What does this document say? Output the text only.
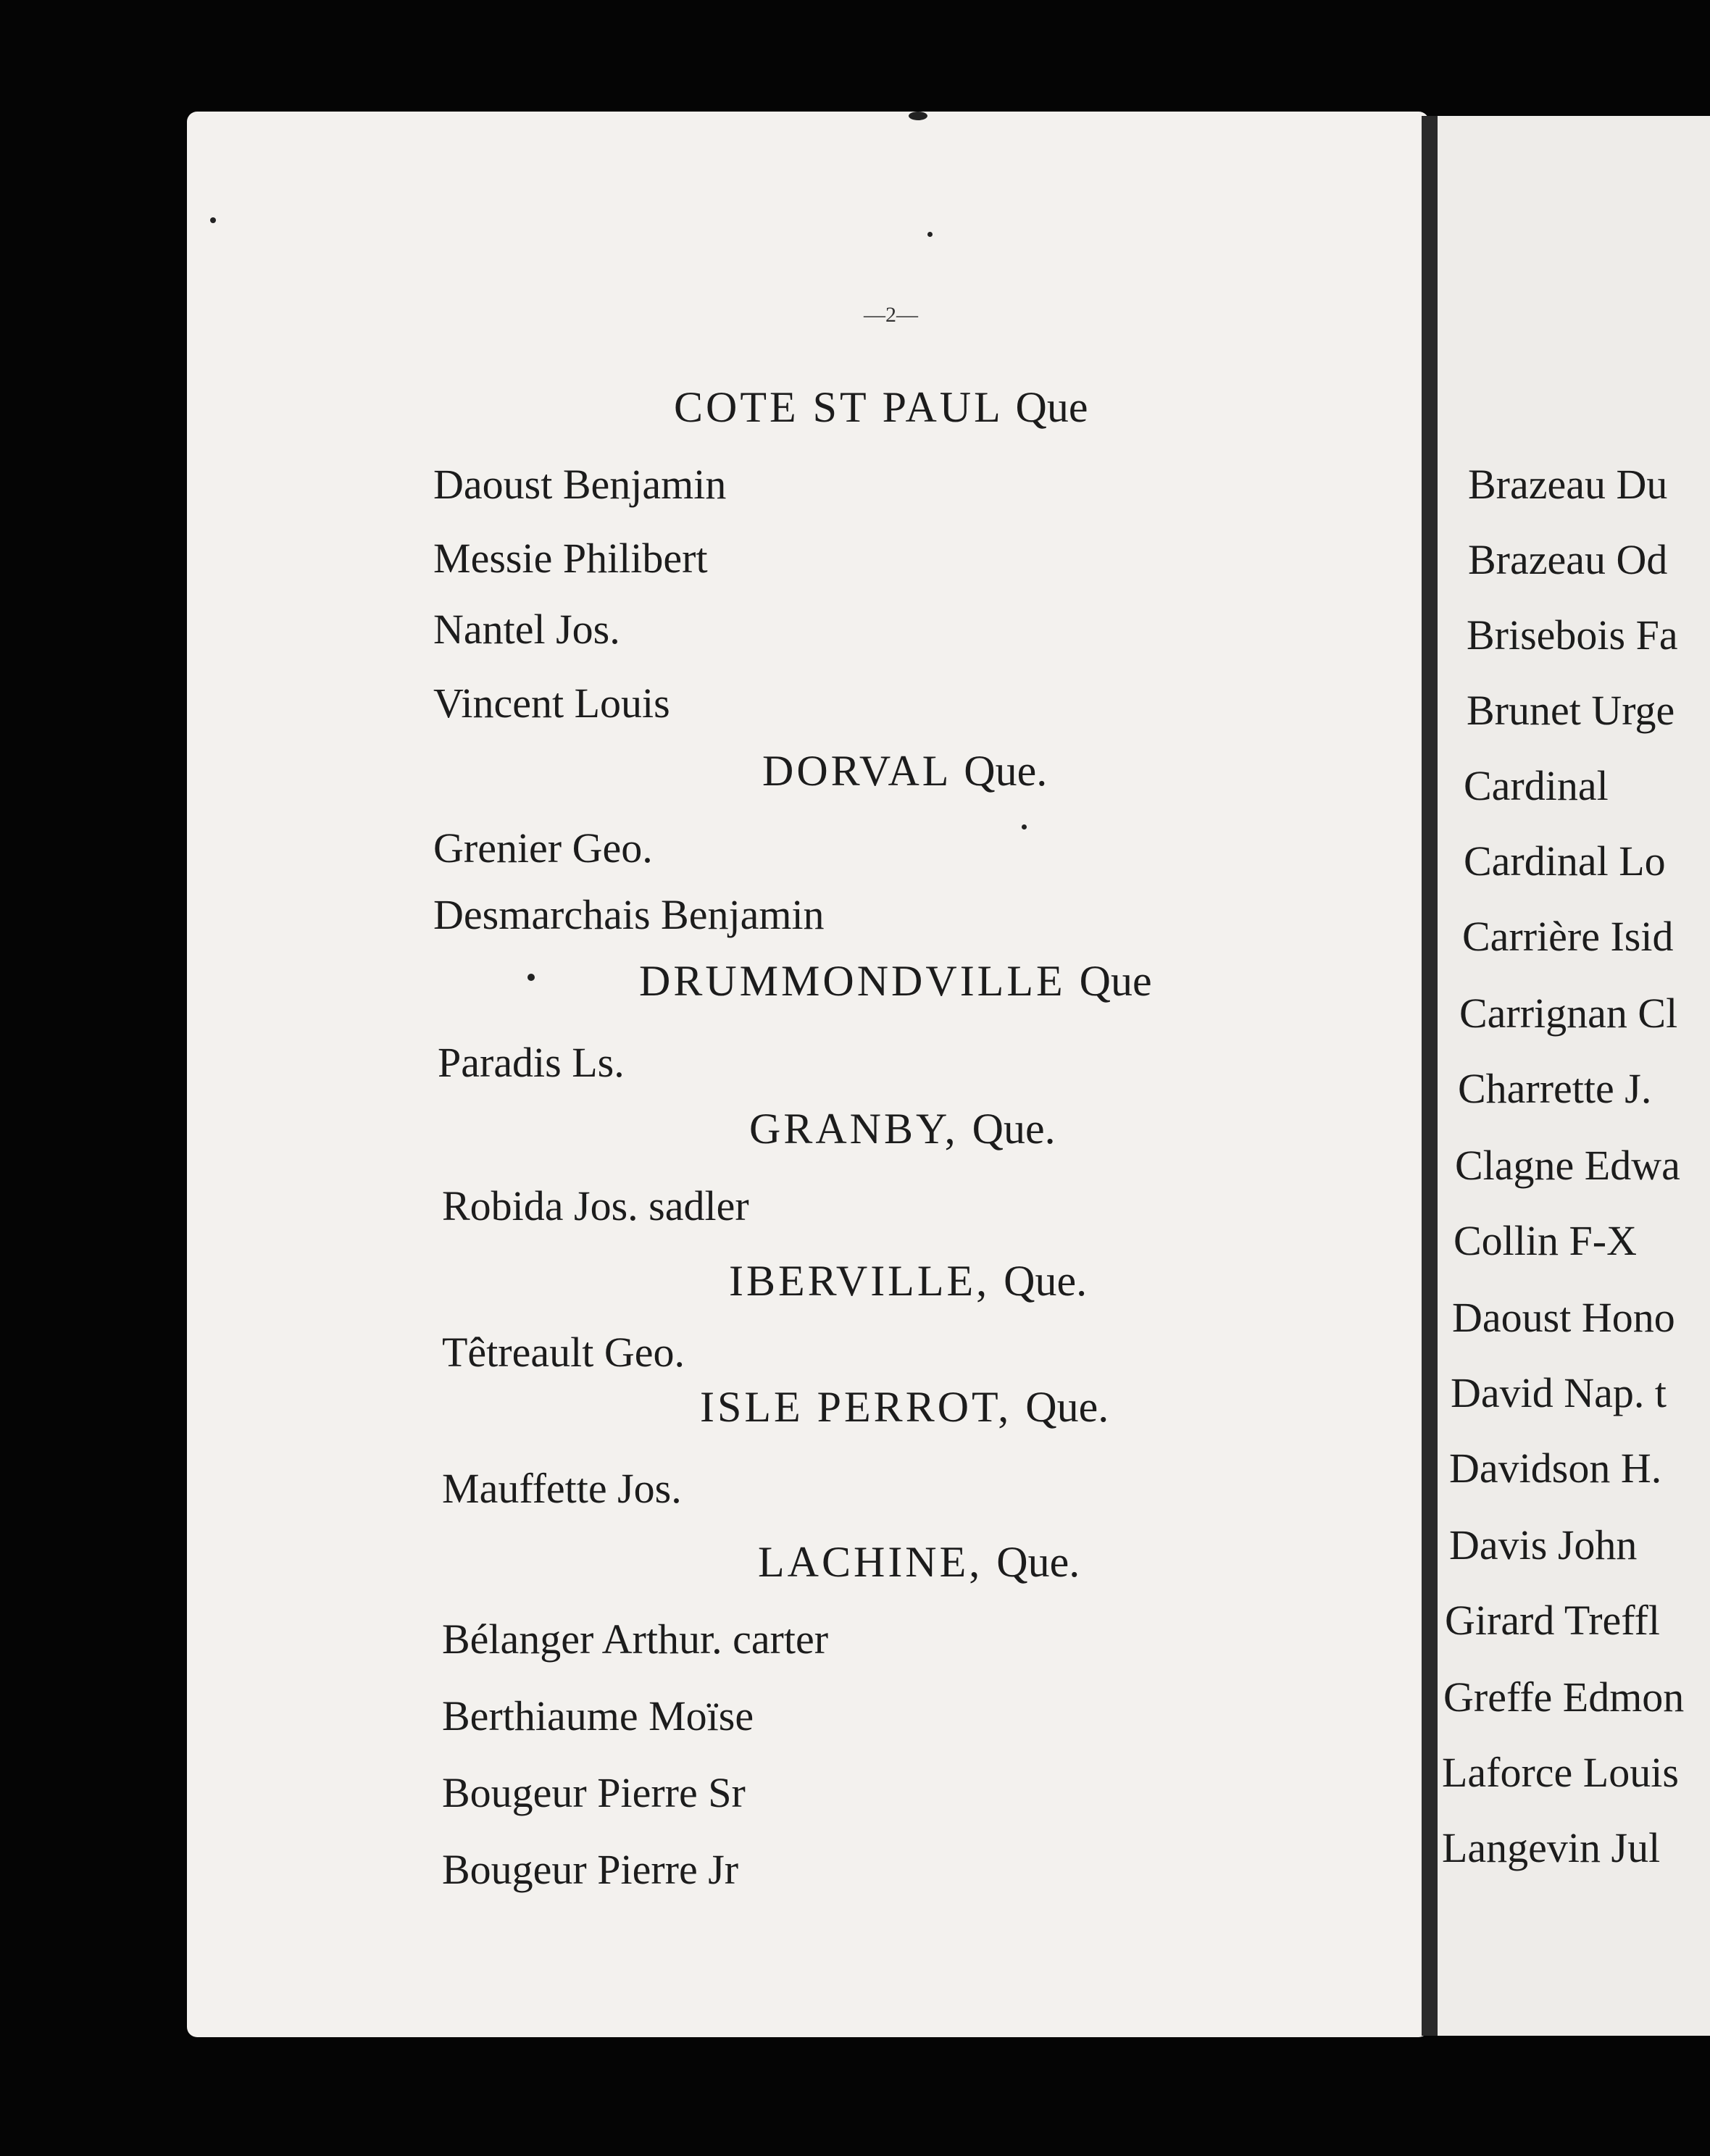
—2—
COTE ST PAUL Que
Daoust Benjamin
Messie Philibert
Nantel Jos.
Vincent Louis
DORVAL Que.
Grenier Geo.
Desmarchais Benjamin
DRUMMONDVILLE Que
Paradis Ls.
GRANBY, Que.
Robida Jos. sadler
IBERVILLE, Que.
Têtreault Geo.
ISLE PERROT, Que.
Mauffette Jos.
LACHINE, Que.
Bélanger Arthur. carter
Berthiaume Moïse
Bougeur Pierre Sr
Bougeur Pierre Jr
Brazeau Du
Brazeau Od
Brisebois Fa
Brunet Urge
Cardinal
Cardinal Lo
Carrière Isid
Carrignan Cl
Charrette J.
Clagne Edwa
Collin F-X
Daoust Hono
David Nap. t
Davidson H.
Davis John
Girard Treffl
Greffe Edmon
Laforce Louis
Langevin Jul
